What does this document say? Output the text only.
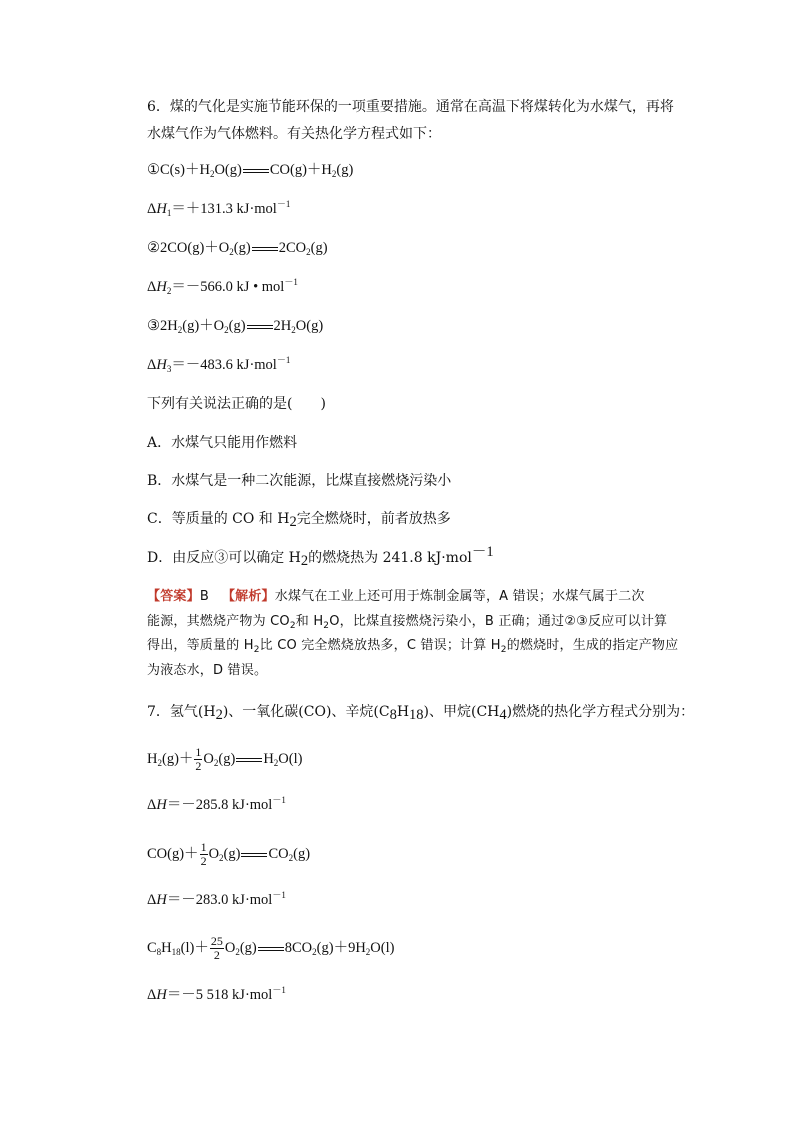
6．煤的气化是实施节能环保的一项重要措施。通常在高温下将煤转化为水煤气，再将
水煤气作为气体燃料。有关热化学方程式如下：
$①C(s)+H_2O(g)$ $CO(g)+H_2(g)$
$\Delta H_1=+131.3$ kJ·mol$^{-1}$
$②2CO(g)+O_2(g)$ $2CO_2(g)$
$\Delta H_2=-566.0$ kJ • mol$^{-1}$
$③2H_2(g)+O_2(g)$ $2H_2O(g)$
$\Delta H_3=-483.6$ kJ·mol$^{-1}$
下列有关说法正确的是(　　)
A．水煤气只能用作燃料
B．水煤气是一种二次能源，比煤直接燃烧污染小
C．等质量的 CO 和 $H_2$完全燃烧时，前者放热多
D．由反应③可以确定 $H_2$的燃烧热为 241.8 kJ·mol$^{-1}$
【答案】B 【解析】水煤气在工业上还可用于炼制金属等，A 错误；水煤气属于二次
能源，其燃烧产物为 $CO_2$和 $H_2O$，比煤直接燃烧污染小，B 正确；通过②③反应可以计算
得出，等质量的 $H_2$比 CO 完全燃烧放热多，C 错误；计算 $H_2$的燃烧时，生成的指定产物应
为液态水，D 错误。
7．氢气$(H_2)$、一氧化碳(CO)、辛烷$(C_8H_{18})$、甲烷$(CH_4)$燃烧的热化学方程式分别为：
$H_2(g)+ \frac{1}{2} O_2(g)$ $H_2O(l)$
ΔH＝－285.8 kJ·mol$^{-1}$
$CO(g)+ \frac{1}{2} O_2(g)$ $CO_2(g)$
ΔH＝－283.0 kJ·mol$^{-1}$
$C_8H_{18}(l)+ \frac{25}{2} O_2(g)$ $8CO_2(g)+9H_2O(l)$
ΔH＝－5 518 kJ·mol$^{-1}$
